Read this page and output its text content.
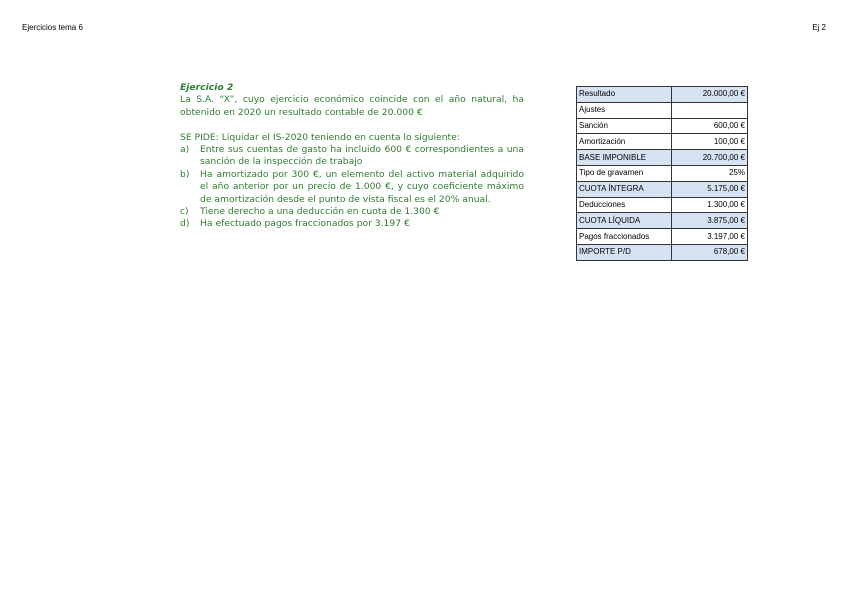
Ejercicios tema 6	Ej 2
Ejercicio 2
La S.A. “X”, cuyo ejercicio económico coincide con el año natural, ha obtenido en 2020 un resultado contable de 20.000 €
SE PIDE: Liquidar el IS-2020 teniendo en cuenta lo siguiente:
a) Entre sus cuentas de gasto ha incluido 600 € correspondientes a una sanción de la inspección de trabajo
b) Ha amortizado por 300 €, un elemento del activo material adquirido el año anterior por un precio de 1.000 €, y cuyo coeficiente máximo de amortización desde el punto de vista fiscal es el 20% anual.
c) Tiene derecho a una deducción en cuota de 1.300 €
d) Ha efectuado pagos fraccionados por 3.197 €
Resultado	20.000,00 €
Ajustes	
Sanción	600,00 €
Amortización	100,00 €
BASE IMPONIBLE	20.700,00 €
Tipo de gravamen	25%
CUOTA ÍNTEGRA	5.175,00 €
Deducciones	1.300,00 €
CUOTA LÍQUIDA	3.875,00 €
Pagos fraccionados	3.197,00 €
IMPORTE P/D	678,00 €
